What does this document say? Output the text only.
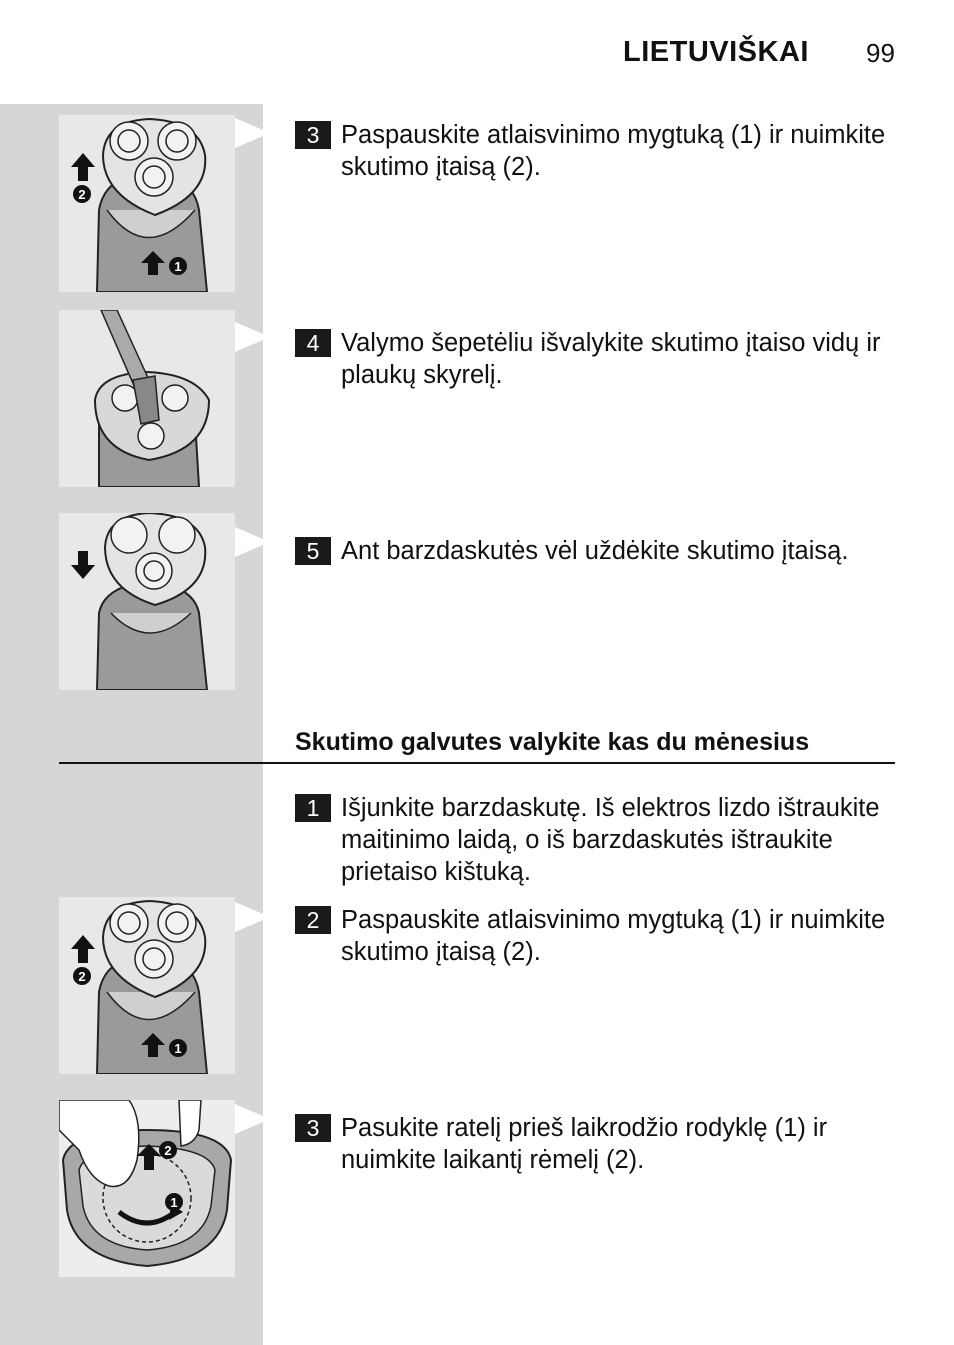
LIETUVIŠKAI 99
2
1
3 Paspauskite atlaisvinimo mygtuką (1) ir nuimkite skutimo įtaisą (2).
4 Valymo šepetėliu išvalykite skutimo įtaiso vidų ir plaukų skyrelį.
5 Ant barzdaskutės vėl uždėkite skutimo įtaisą.
Skutimo galvutes valykite kas du mėnesius
2
1
2
1
1 Išjunkite barzdaskutę. Iš elektros lizdo ištraukite maitinimo laidą, o iš barzdaskutės ištraukite prietaiso kištuką.
2 Paspauskite atlaisvinimo mygtuką (1) ir nuimkite skutimo įtaisą (2).
3 Pasukite ratelį prieš laikrodžio rodyklę (1) ir nuimkite laikantį rėmelį (2).
